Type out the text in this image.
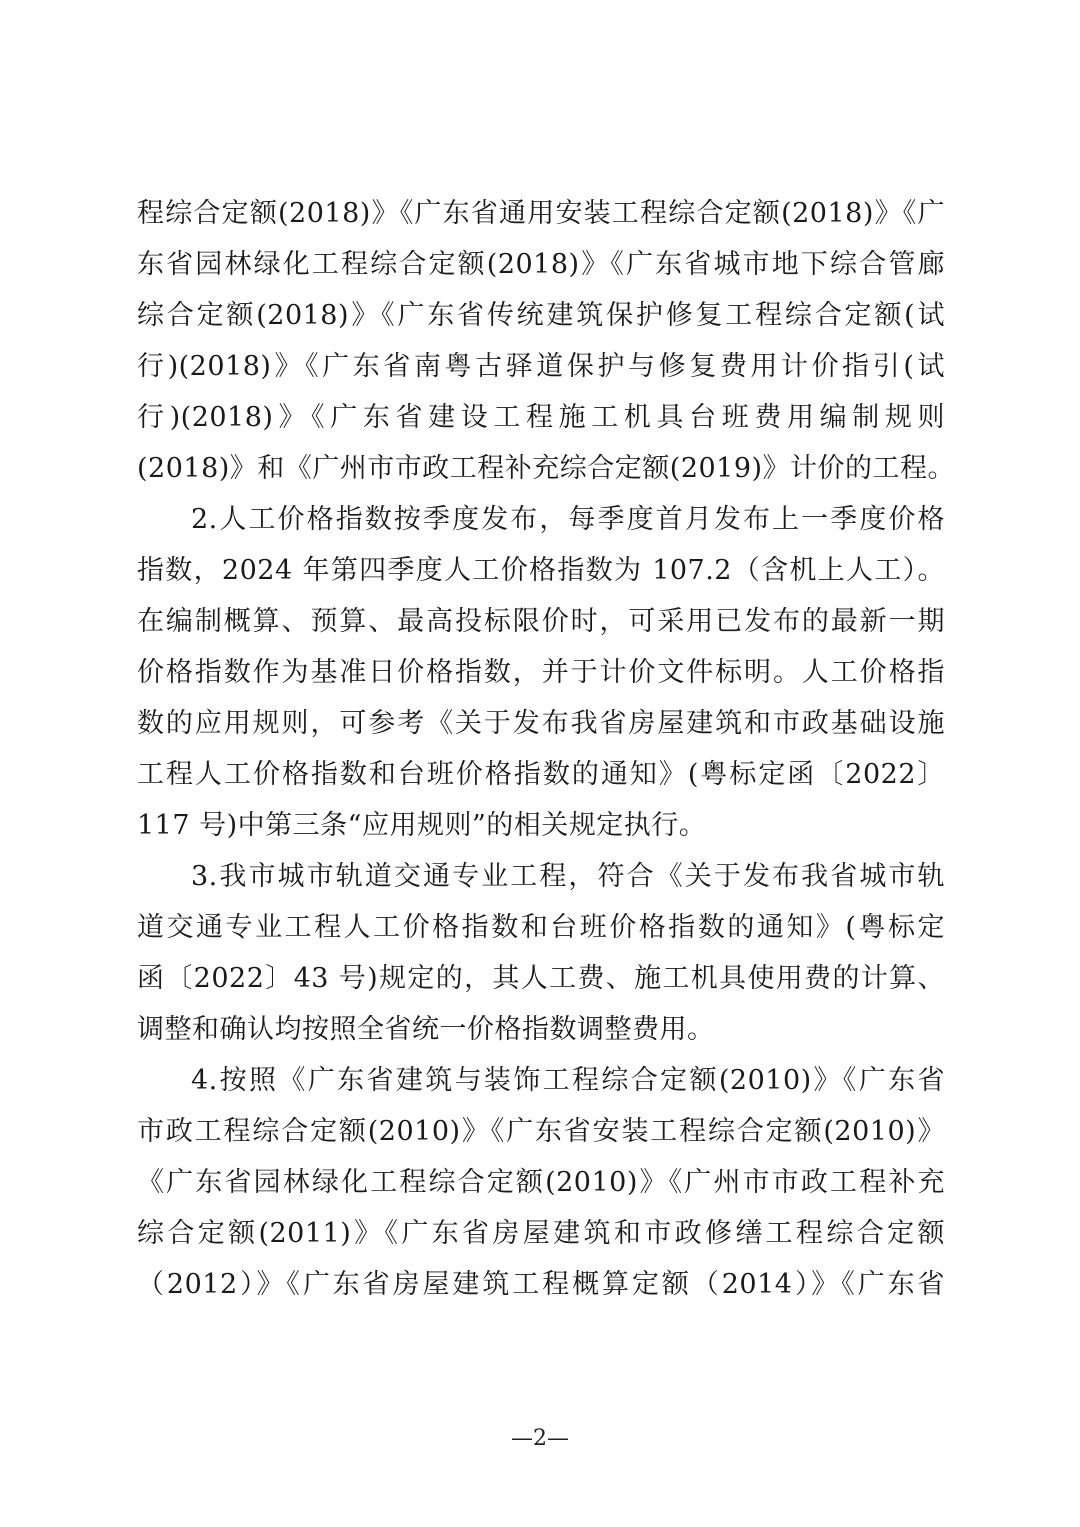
程综合定额(2018)》《广东省通用安装工程综合定额(2018)》《广
东省园林绿化工程综合定额(2018)》《广东省城市地下综合管廊
综合定额(2018)》《广东省传统建筑保护修复工程综合定额(试
行)(2018)》《广东省南粤古驿道保护与修复费用计价指引(试
行)(2018)》《广东省建设工程施工机具台班费用编制规则
(2018)》和《广州市市政工程补充综合定额(2019)》计价的工程。
2.人工价格指数按季度发布，每季度首月发布上一季度价格
指数，2024 年第四季度人工价格指数为 107.2（含机上人工）。
在编制概算、预算、最高投标限价时，可采用已发布的最新一期
价格指数作为基准日价格指数，并于计价文件标明。人工价格指
数的应用规则，可参考《关于发布我省房屋建筑和市政基础设施
工程人工价格指数和台班价格指数的通知》(粤标定函〔2022〕
117 号)中第三条“应用规则”的相关规定执行。
3.我市城市轨道交通专业工程，符合《关于发布我省城市轨
道交通专业工程人工价格指数和台班价格指数的通知》(粤标定
函〔2022〕43 号)规定的，其人工费、施工机具使用费的计算、
调整和确认均按照全省统一价格指数调整费用。
4.按照《广东省建筑与装饰工程综合定额(2010)》《广东省
市政工程综合定额(2010)》《广东省安装工程综合定额(2010)》
《广东省园林绿化工程综合定额(2010)》《广州市市政工程补充
综合定额(2011)》《广东省房屋建筑和市政修缮工程综合定额
（2012）》《广东省房屋建筑工程概算定额（2014）》《广东省
—2—
